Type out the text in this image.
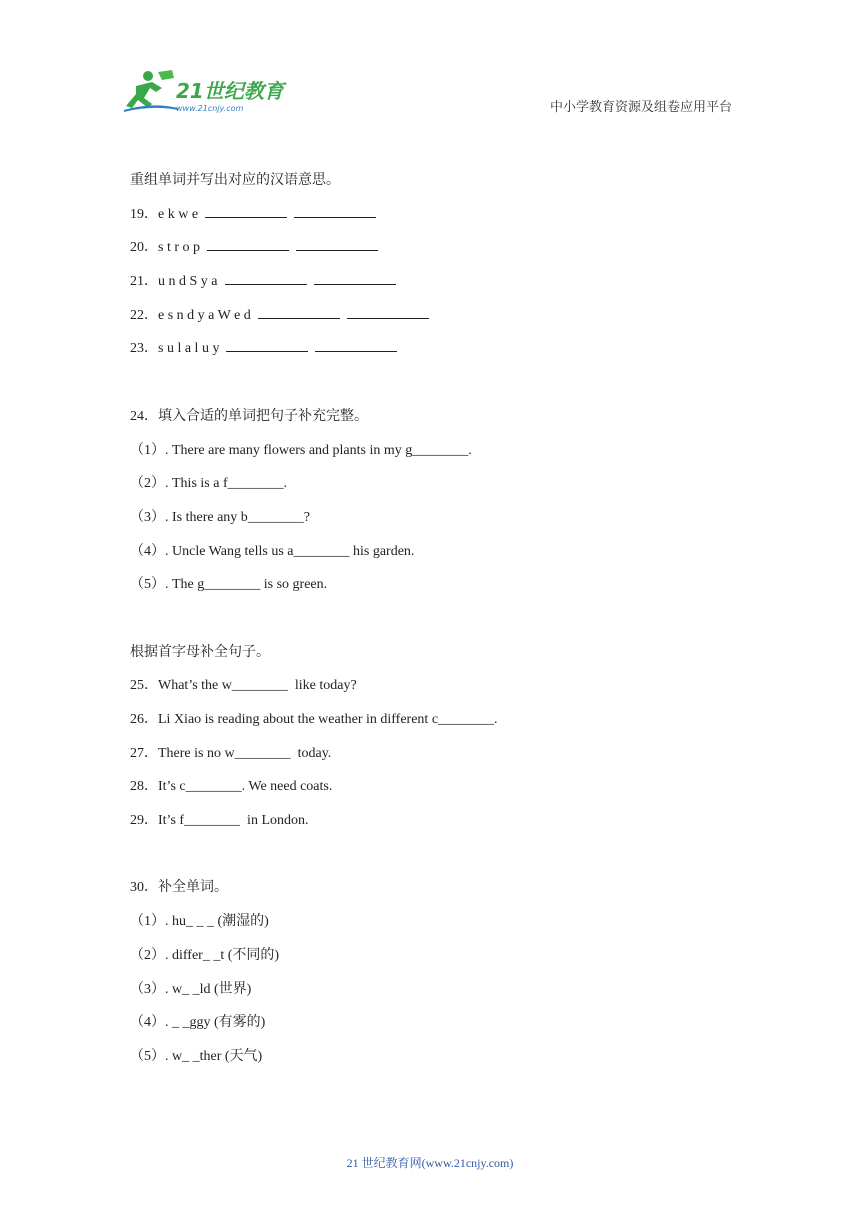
21世纪教育
www.21cnjy.com	中小学教育资源及组卷应用平台
重组单词并写出对应的汉语意思。
19．e k w e
20．s t r o p
21．u n d S y a
22．e s n d y a W e d
23．s u l a l u y
24．填入合适的单词把句子补充完整。
（1）. There are many flowers and plants in my g________.
（2）. This is a f________.
（3）. Is there any b________?
（4）. Uncle Wang tells us a________ his garden.
（5）. The g________ is so green.
根据首字母补全句子。
25．What’s the w________  like today?
26．Li Xiao is reading about the weather in different c________.
27．There is no w________  today.
28．It’s c________. We need coats.
29．It’s f________  in London.
30．补全单词。
（1）. hu_ _ _ (潮湿的)
（2）. differ_ _t (不同的)
（3）. w_ _ld (世界)
（4）. _ _ggy (有雾的)
（5）. w_ _ther (天气)
21 世纪教育网(www.21cnjy.com)
